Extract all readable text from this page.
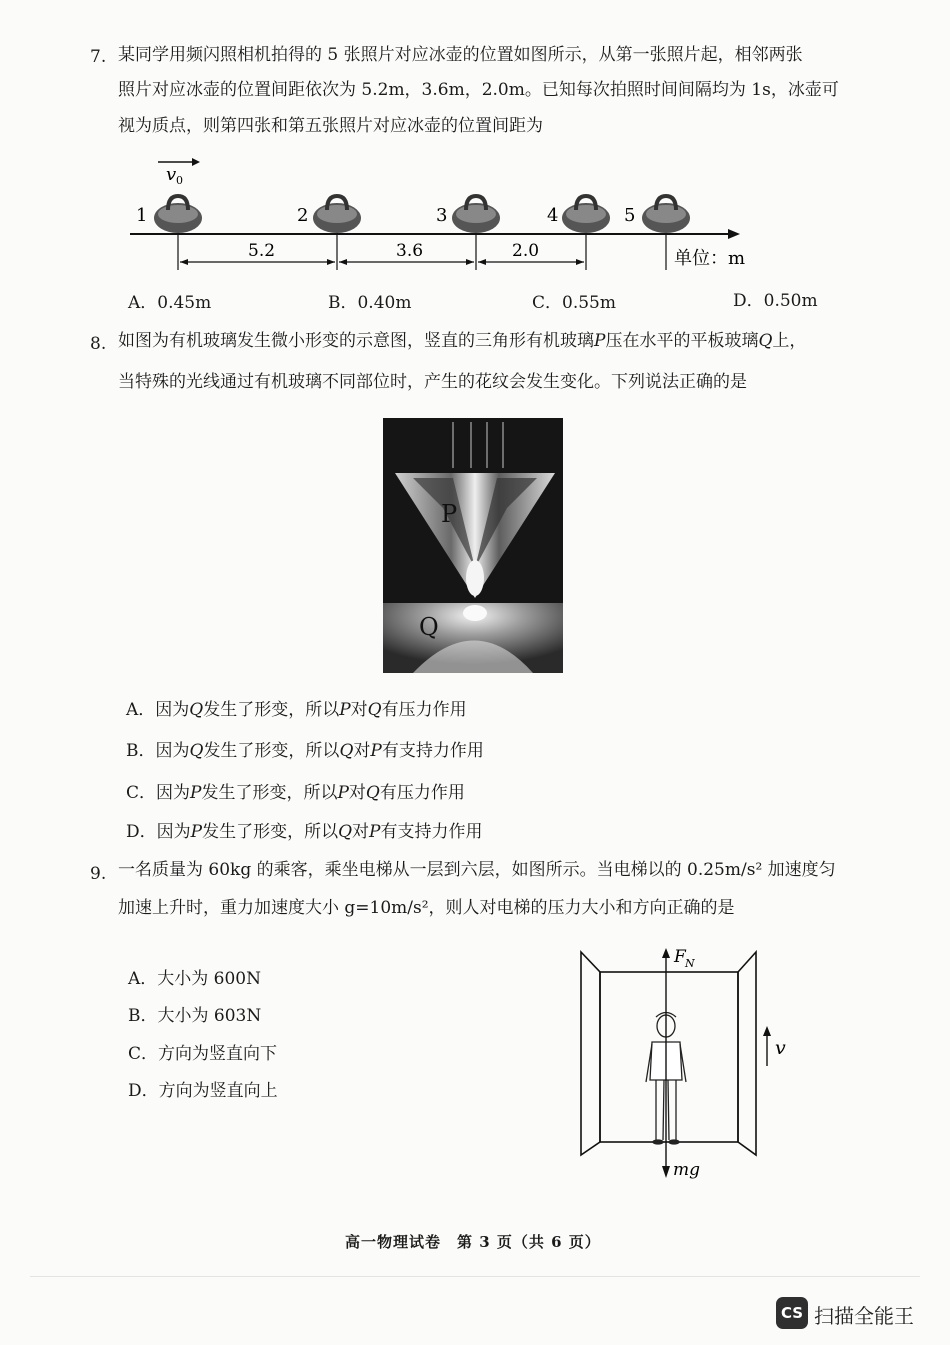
7. 某同学用频闪照相机拍得的 5 张照片对应冰壶的位置如图所示，从第一张照片起，相邻两张
照片对应冰壶的位置间距依次为 5.2m，3.6m，2.0m。已知每次拍照时间间隔均为 1s，冰壶可
视为质点，则第四张和第五张照片对应冰壶的位置间距为
v 0
1	2	3	4	5
5.2	3.6	2.0	单位：m
A．0.45m	B．0.40m	C．0.55m	D．0.50m
8. 如图为有机玻璃发生微小形变的示意图，竖直的三角形有机玻璃P压在水平的平板玻璃Q上，
当特殊的光线通过有机玻璃不同部位时，产生的花纹会发生变化。下列说法正确的是
P
Q
A．因为Q发生了形变，所以P对Q有压力作用
B．因为Q发生了形变，所以Q对P有支持力作用
C．因为P发生了形变，所以P对Q有压力作用
D．因为P发生了形变，所以Q对P有支持力作用
9. 一名质量为 60kg 的乘客，乘坐电梯从一层到六层，如图所示。当电梯以的 0.25m/s² 加速度匀
加速上升时，重力加速度大小 g=10m/s²，则人对电梯的压力大小和方向正确的是
A．大小为 600N
B．大小为 603N
C．方向为竖直向下
D．方向为竖直向上
F N
mg
v
高一物理试卷　第 3 页（共 6 页）
CS 扫描全能王
